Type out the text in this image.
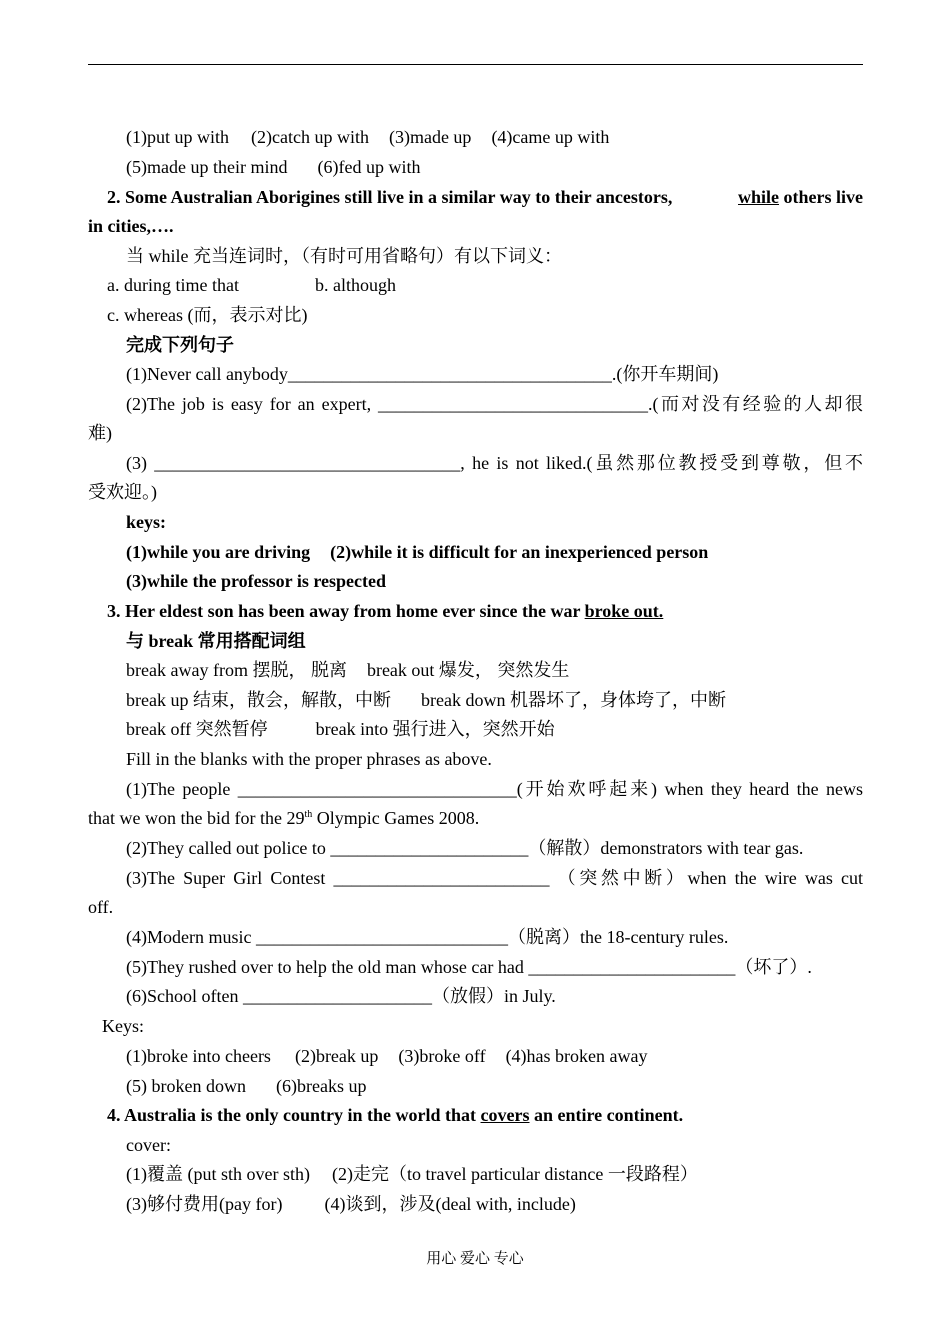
(1)put up with (2)catch up with (3)made up (4)came up with
(5)made up their mind (6)fed up with
2. Some Australian Aborigines still live in a similar way to their ancestors,	while others live
in cities,….
当 while 充当连词时，（有时可用省略句）有以下词义：
a. during time that	b. although
c. whereas (而，表示对比)
完成下列句子
(1)Never call anybody____________________________________.(你开车期间)
(2)The job is easy for an expert, ______________________________.(而对没有经验的人却很
难)
(3) __________________________________, he is not liked.(虽然那位教授受到尊敬，但不
受欢迎。)
keys:
(1)while you are driving (2)while it is difficult for an inexperienced person
(3)while the professor is respected
3. Her eldest son has been away from home ever since the war broke out.
与 break 常用搭配词组
break away from 摆脱， 脱离 break out 爆发， 突然发生
break up 结束，散会，解散，中断 break down 机器坏了，身体垮了，中断
break off 突然暂停	break into 强行进入，突然开始
Fill in the blanks with the proper phrases as above.
(1)The people _______________________________(开始欢呼起来) when they heard the news
that we won the bid for the 29th Olympic Games 2008.
(2)They called out police to ______________________（解散）demonstrators with tear gas.
(3)The Super Girl Contest ________________________ （突然中断）when the wire was cut
off.
(4)Modern music ____________________________（脱离）the 18-century rules.
(5)They rushed over to help the old man whose car had _______________________（坏了）.
(6)School often _____________________（放假）in July.
Keys:
(1)broke into cheers (2)break up (3)broke off (4)has broken away
(5) broken down (6)breaks up
4. Australia is the only country in the world that covers an entire continent.
cover:
(1)覆盖 (put sth over sth) (2)走完（to travel particular distance 一段路程）
(3)够付费用(pay for) (4)谈到，涉及(deal with, include)
用心 爱心 专心
